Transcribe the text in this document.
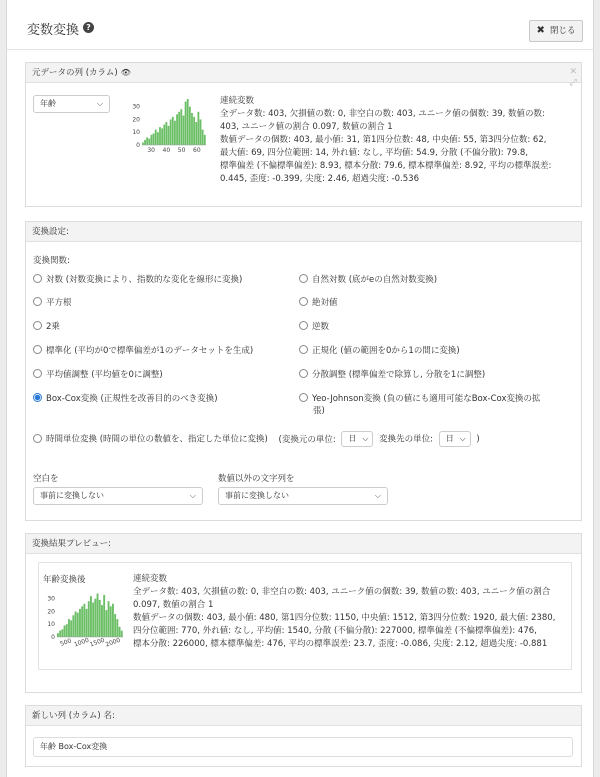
変数変換 ?	✖ 閉じる
元データの列 (カラム) 👁
年齢	⌵	30
20
10
0
30 40 50 60
連続変数
全データ数: 403, 欠損値の数: 0, 非空白の数: 403, ユニーク値の個数: 39, 数値の数:
403, ユニーク値の割合 0.097, 数値の割合 1
数値データの個数: 403, 最小値: 31, 第1四分位数: 48, 中央値: 55, 第3四分位数: 62,
最大値: 69, 四分位範囲: 14, 外れ値: なし, 平均値: 54.9, 分散 (不偏分散): 79.8,
標準偏差 (不偏標準偏差): 8.93, 標本分散: 79.6, 標本標準偏差: 8.92, 平均の標準誤差:
0.445, 歪度: -0.399, 尖度: 2.46, 超過尖度: -0.536
✕
⤢
変換設定:
変換関数:
対数 (対数変換により、指数的な変化を線形に変換)
平方根
2乗
標準化 (平均が0で標準偏差が1のデータセットを生成)
平均値調整 (平均値を0に調整)
Box-Cox変換 (正規性を改善目的のべき変換)
自然対数 (底がeの自然対数変換)
絶対値
逆数
正規化 (値の範囲を0から1の間に変換)
分散調整 (標準偏差で除算し, 分散を1に調整)
Yeo-Johnson変換 (負の値にも適用可能なBox-Cox変換の拡
張)
時間単位変換 (時間の単位の数値を、指定した単位に変換) (変換元の単位: 日 ⌵ 変換先の単位: 日 ⌵ )
空白を
事前に変換しない	⌵
数値以外の文字列を
事前に変換しない	⌵
変換結果プレビュー:
年齢変換後
30
20
10
0 500 1000
1500
2000
連続変数
全データ数: 403, 欠損値の数: 0, 非空白の数: 403, ユニーク値の個数: 39, 数値の数: 403, ユニーク値の割合
0.097, 数値の割合 1
数値データの個数: 403, 最小値: 480, 第1四分位数: 1150, 中央値: 1512, 第3四分位数: 1920, 最大値: 2380,
四分位範囲: 770, 外れ値: なし, 平均値: 1540, 分散 (不偏分散): 227000, 標準偏差 (不偏標準偏差): 476,
標本分散: 226000, 標本標準偏差: 476, 平均の標準誤差: 23.7, 歪度: -0.086, 尖度: 2.12, 超過尖度: -0.881
新しい列 (カラム) 名:
年齢 Box-Cox変換
